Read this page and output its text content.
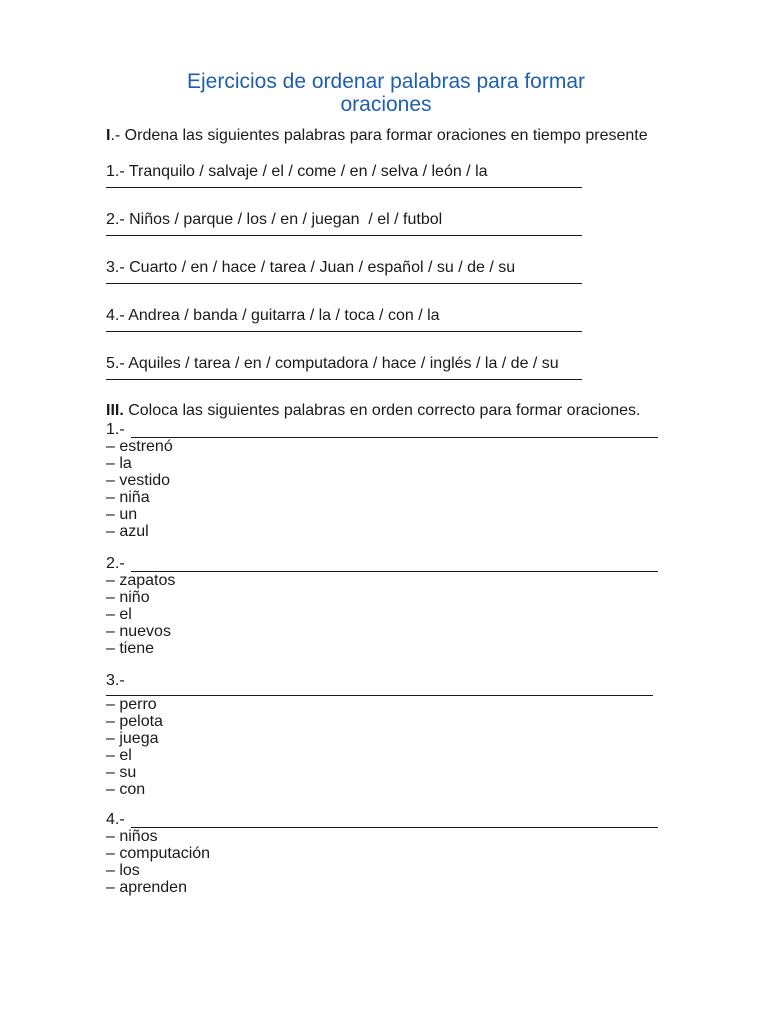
Ejercicios de ordenar palabras para formar
oraciones

I.- Ordena las siguientes palabras para formar oraciones en tiempo presente

1.- Tranquilo / salvaje / el / come / en / selva / león / la
2.- Niños / parque / los / en / juegan  / el / futbol
3.- Cuarto / en / hace / tarea / Juan / español / su / de / su
4.- Andrea / banda / guitarra / la / toca / con / la
5.- Aquiles / tarea / en / computadora / hace / inglés / la / de / su

III. Coloca las siguientes palabras en orden correcto para formar oraciones.

1.-
– estrenó
– la
– vestido
– niña
– un
– azul
2.-
– zapatos
– niño
– el
– nuevos
– tiene
3.-
– perro
– pelota
– juega
– el
– su
– con
4.-
– niños
– computación
– los
– aprenden
